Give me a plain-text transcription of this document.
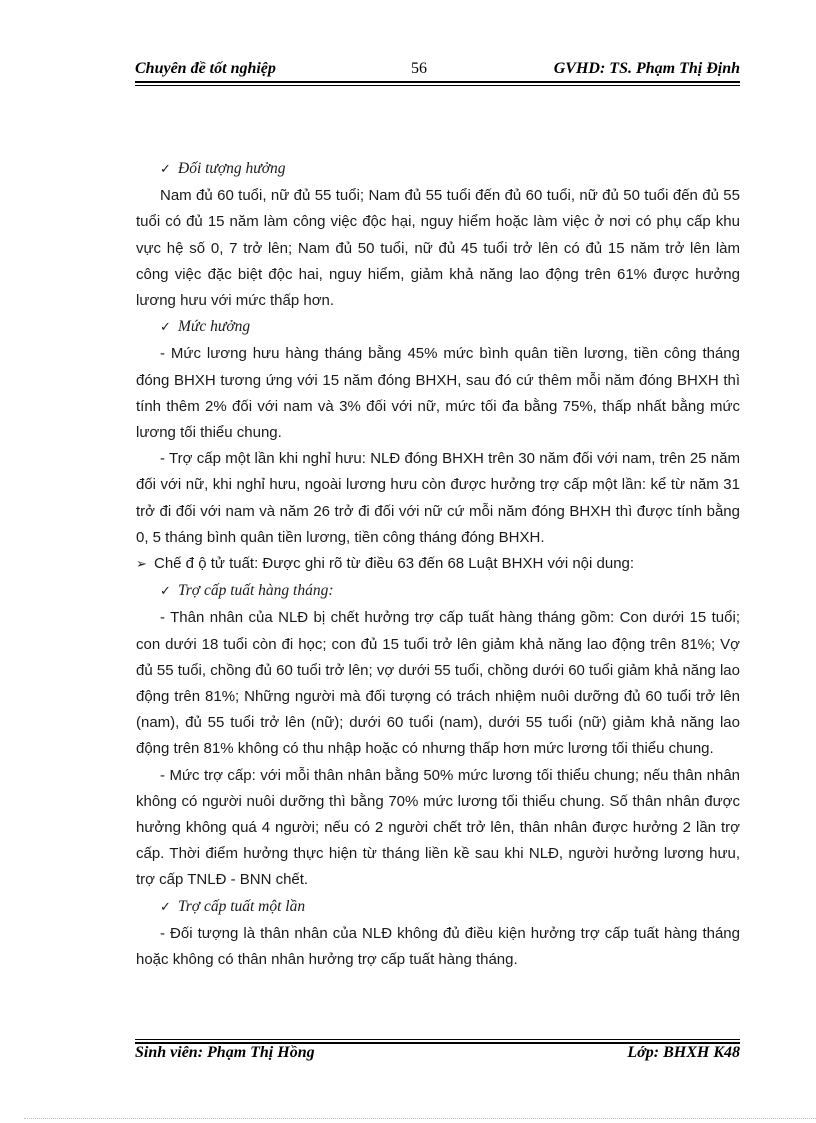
Chuyên đề tốt nghiệp	56	GVHD: TS. Phạm Thị Định

✓ Đối tượng hưởng

Nam đủ 60 tuổi, nữ đủ 55 tuổi; Nam đủ 55 tuổi đến đủ 60 tuổi, nữ đủ 50 tuổi đến đủ 55 tuổi có đủ 15 năm làm công việc độc hại, nguy hiểm hoặc làm việc ở nơi có phụ cấp khu vực hệ số 0, 7 trở lên; Nam đủ 50 tuổi, nữ đủ 45 tuổi trở lên có đủ 15 năm trở lên làm công việc đặc biệt độc hai, nguy hiểm, giảm khả năng lao động trên 61% được hưởng lương hưu với mức thấp hơn.

✓ Mức hưởng

- Mức lương hưu hàng tháng bằng 45% mức bình quân tiền lương, tiền công tháng đóng BHXH tương ứng với 15 năm đóng BHXH, sau đó cứ thêm mỗi năm đóng BHXH thì tính thêm 2% đối với nam và 3% đối với nữ, mức tối đa bằng 75%, thấp nhất bằng mức lương tối thiểu chung.

- Trợ cấp một lần khi nghỉ hưu: NLĐ đóng BHXH trên 30 năm đối với nam, trên 25 năm đối với nữ, khi nghỉ hưu, ngoài lương hưu còn được hưởng trợ cấp một lần: kể từ năm 31 trở đi đối với nam và năm 26 trở đi đối với nữ cứ mỗi năm đóng BHXH thì được tính bằng 0, 5 tháng bình quân tiền lương, tiền công tháng đóng BHXH.

➢ Chế đ ộ tử tuất: Được ghi rõ từ điều 63 đến 68 Luật BHXH với nội dung:

✓ Trợ cấp tuất hàng tháng:

- Thân nhân của NLĐ bị chết hưởng trợ cấp tuất hàng tháng gồm: Con dưới 15 tuổi; con dưới 18 tuổi còn đi học; con đủ 15 tuổi trở lên giảm khả năng lao động trên 81%; Vợ đủ 55 tuổi, chồng đủ 60 tuổi trở lên; vợ dưới 55 tuổi, chồng dưới 60 tuổi giảm khả năng lao động trên 81%; Những người mà đối tượng có trách nhiệm nuôi dưỡng đủ 60 tuổi trở lên (nam), đủ 55 tuổi trở lên (nữ); dưới 60 tuổi (nam), dưới 55 tuổi (nữ) giảm khả năng lao động trên 81% không có thu nhập hoặc có nhưng thấp hơn mức lương tối thiểu chung.

- Mức trợ cấp: với mỗi thân nhân bằng 50% mức lương tối thiểu chung; nếu thân nhân không có người nuôi dưỡng thì bằng 70% mức lương tối thiểu chung. Số thân nhân được hưởng không quá 4 người; nếu có 2 người chết trở lên, thân nhân được hưởng 2 lần trợ cấp. Thời điểm hưởng thực hiện từ tháng liền kề sau khi NLĐ, người hưởng lương hưu, trợ cấp TNLĐ - BNN chết.

✓ Trợ cấp tuất một lần

- Đối tượng là thân nhân của NLĐ không đủ điều kiện hưởng trợ cấp tuất hàng tháng hoặc không có thân nhân hưởng trợ cấp tuất hàng tháng.

Sinh viên: Phạm Thị Hồng	Lớp: BHXH K48
